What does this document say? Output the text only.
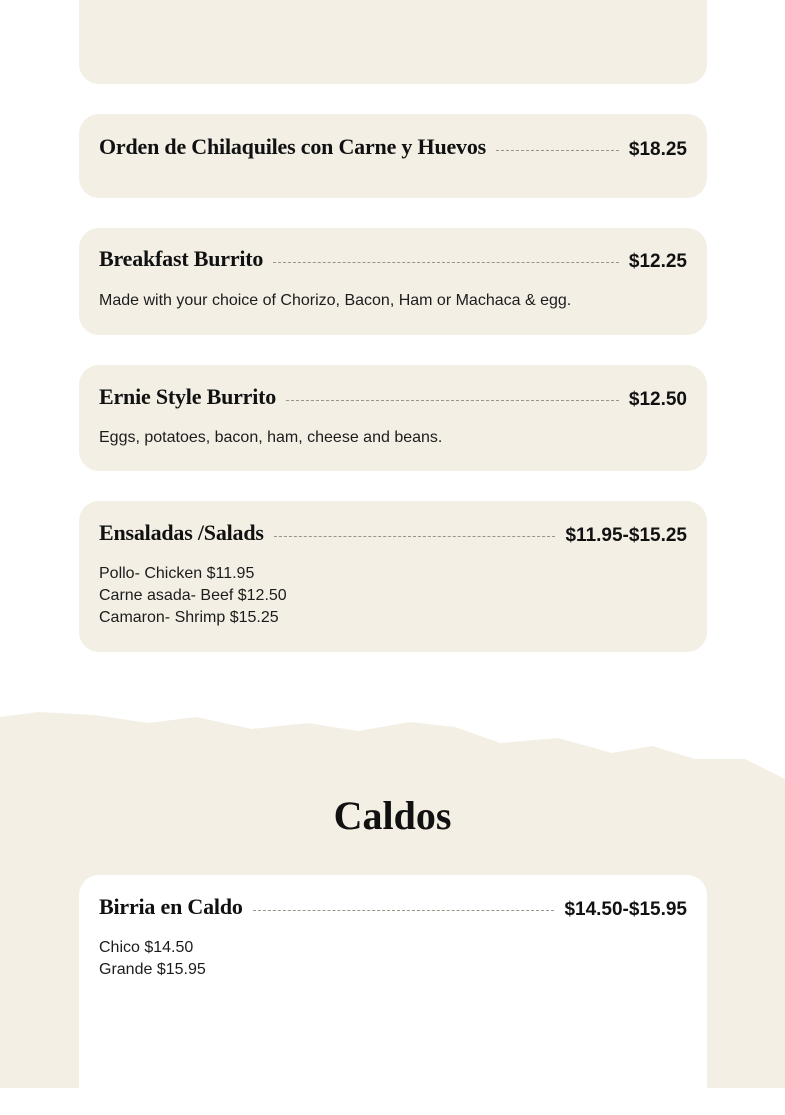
Orden de Chilaquiles con Carne y Huevos	$18.25
Breakfast Burrito	$12.25
Made with your choice of Chorizo, Bacon, Ham or Machaca & egg.
Ernie Style Burrito	$12.50
Eggs, potatoes, bacon, ham, cheese and beans.
Ensaladas /Salads	$11.95-$15.25
Pollo- Chicken $11.95
Carne asada- Beef $12.50
Camaron- Shrimp $15.25
Caldos
Birria en Caldo	$14.50-$15.95
Chico $14.50
Grande $15.95
